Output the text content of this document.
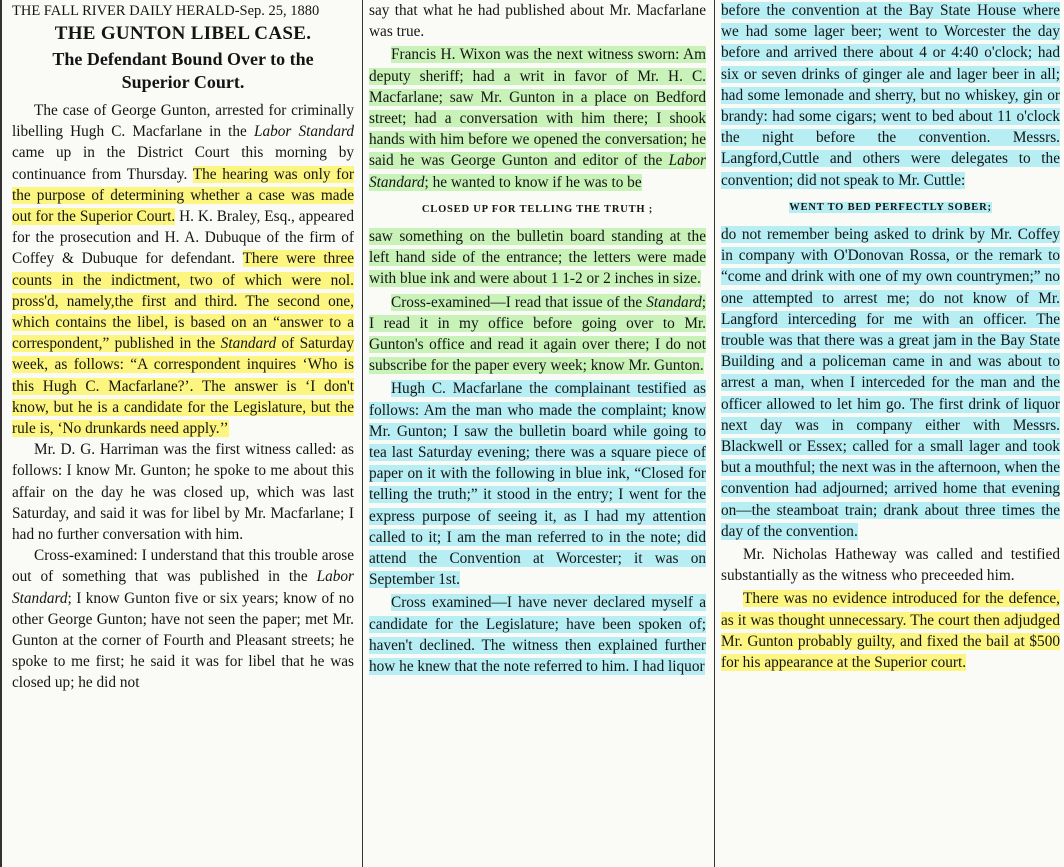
THE FALL RIVER DAILY HERALD-Sep. 25, 1880
THE GUNTON LIBEL CASE.
The Defendant Bound Over to the Superior Court.

The case of George Gunton, arrested for criminally libelling Hugh C. Macfarlane in the Labor Standard came up in the District Court this morning by continuance from Thursday. The hearing was only for the purpose of determining whether a case was made out for the Superior Court. H. K. Braley, Esq., appeared for the prosecution and H. A. Dubuque of the firm of Coffey & Dubuque for defendant. There were three counts in the indictment, two of which were nol. pross'd, namely,the first and third. The second one, which contains the libel, is based on an “answer to a correspondent,” published in the Standard of Saturday week, as follows: “A correspondent inquires ‘Who is this Hugh C. Macfarlane?’. The answer is ‘I don't know, but he is a candidate for the Legislature, but the rule is, ‘No drunkards need apply.’’

Mr. D. G. Harriman was the first witness called: as follows: I know Mr. Gunton; he spoke to me about this affair on the day he was closed up, which was last Saturday, and said it was for libel by Mr. Macfarlane; I had no further conversation with him.

Cross-examined: I understand that this trouble arose out of something that was published in the Labor Standard; I know Gunton five or six years; know of no other George Gunton; have not seen the paper; met Mr. Gunton at the corner of Fourth and Pleasant streets; he spoke to me first; he said it was for libel that he was closed up; he did not

say that what he had published about Mr. Macfarlane was true.

Francis H. Wixon was the next witness sworn: Am deputy sheriff; had a writ in favor of Mr. H. C. Macfarlane; saw Mr. Gunton in a place on Bedford street; had a conversation with him there; I shook hands with him before we opened the conversation; he said he was George Gunton and editor of the Labor Standard; he wanted to know if he was to be

CLOSED UP FOR TELLING THE TRUTH ;

saw something on the bulletin board standing at the left hand side of the entrance; the letters were made with blue ink and were about 1 1-2 or 2 inches in size.

Cross-examined—I read that issue of the Standard; I read it in my office before going over to Mr. Gunton's office and read it again over there; I do not subscribe for the paper every week; know Mr. Gunton.

Hugh C. Macfarlane the complainant testified as follows: Am the man who made the complaint; know Mr. Gunton; I saw the bulletin board while going to tea last Saturday evening; there was a square piece of paper on it with the following in blue ink, “Closed for telling the truth;” it stood in the entry; I went for the express purpose of seeing it, as I had my attention called to it; I am the man referred to in the note; did attend the Convention at Worcester; it was on September 1st.

Cross examined—I have never declared myself a candidate for the Legislature; have been spoken of; haven't declined. The witness then explained further how he knew that the note referred to him. I had liquor

before the convention at the Bay State House where we had some lager beer; went to Worcester the day before and arrived there about 4 or 4:40 o'clock; had six or seven drinks of ginger ale and lager beer in all; had some lemonade and sherry, but no whiskey, gin or brandy: had some cigars; went to bed about 11 o'clock the night before the convention. Messrs. Langford,Cuttle and others were delegates to the convention; did not speak to Mr. Cuttle:

WENT TO BED PERFECTLY SOBER;

do not remember being asked to drink by Mr. Coffey in company with O'Donovan Rossa, or the remark to “come and drink with one of my own countrymen;” no one attempted to arrest me; do not know of Mr. Langford interceding for me with an officer. The trouble was that there was a great jam in the Bay State Building and a policeman came in and was about to arrest a man, when I interceded for the man and the officer allowed to let him go. The first drink of liquor next day was in company either with Messrs. Blackwell or Essex; called for a small lager and took but a mouthful; the next was in the afternoon, when the convention had adjourned; arrived home that evening on—the steamboat train; drank about three times the day of the convention.

Mr. Nicholas Hatheway was called and testified substantially as the witness who preceeded him.

There was no evidence introduced for the defence, as it was thought unnecessary. The court then adjudged Mr. Gunton probably guilty, and fixed the bail at $500 for his appearance at the Superior court.
